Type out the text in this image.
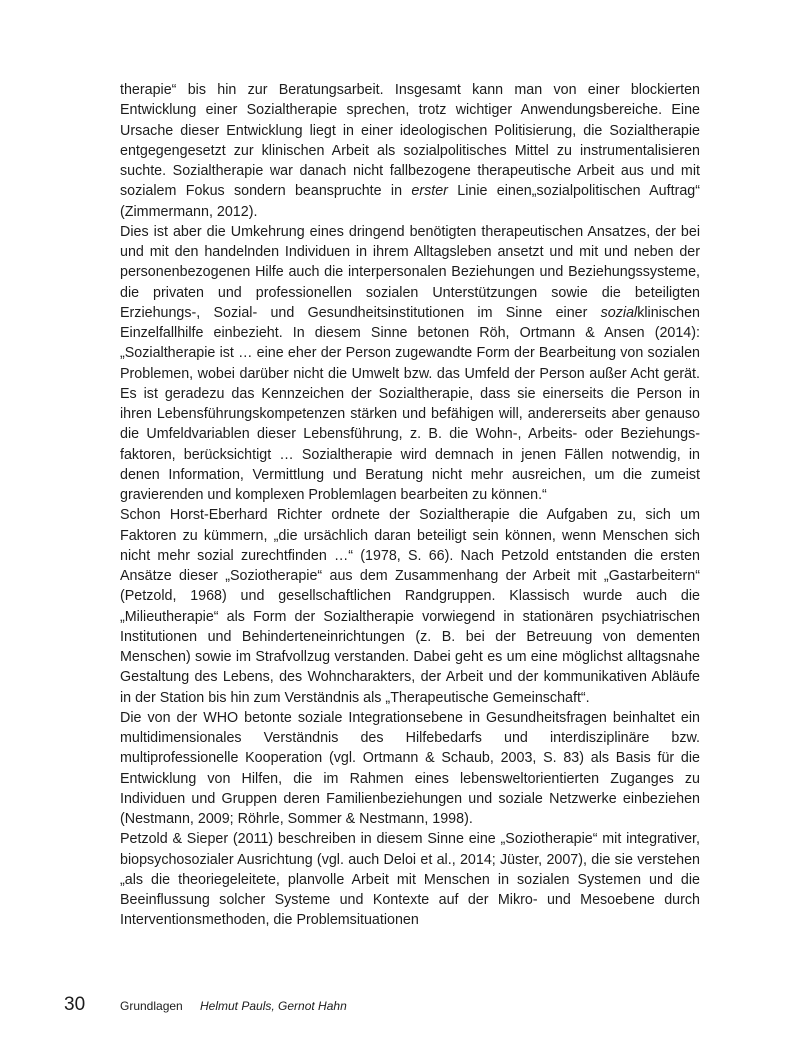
therapie“ bis hin zur Beratungsarbeit. Insgesamt kann man von einer blockierten Entwicklung einer Sozialtherapie sprechen, trotz wichtiger Anwendungsbereiche. Eine Ursache dieser Entwicklung liegt in einer ideologischen Politisierung, die Sozialtherapie entgegengesetzt zur klinischen Arbeit als sozialpolitisches Mittel zu instrumentalisieren suchte. Sozialtherapie war danach nicht fallbezogene therapeutische Arbeit aus und mit sozialem Fokus sondern beanspruchte in erster Linie einen„sozialpolitischen Auftrag“ (Zimmermann, 2012).

Dies ist aber die Umkehrung eines dringend benötigten therapeutischen Ansatzes, der bei und mit den handelnden Individuen in ihrem Alltagsleben ansetzt und mit und neben der personenbezogenen Hilfe auch die interpersonalen Beziehungen und Beziehungssysteme, die privaten und professionellen sozialen Unterstützungen sowie die beteiligten Erziehungs-, Sozial- und Gesundheitsinstitutionen im Sinne einer sozialklinischen Einzelfallhilfe einbezieht. In diesem Sinne betonen Röh, Ortmann & Ansen (2014): „Sozialtherapie ist … eine eher der Person zugewandte Form der Bearbeitung von sozialen Problemen, wobei darüber nicht die Umwelt bzw. das Umfeld der Person außer Acht gerät. Es ist geradezu das Kennzeichen der Sozialtherapie, dass sie einerseits die Person in ihren Lebensführungskompetenzen stärken und befähigen will, andererseits aber genauso die Umfeldvariablen dieser Lebensführung, z. B. die Wohn-, Arbeits- oder Beziehungsfaktoren, berücksichtigt … Sozialtherapie wird demnach in jenen Fällen notwendig, in denen Information, Vermittlung und Beratung nicht mehr ausreichen, um die zumeist gravierenden und komplexen Problemlagen bearbeiten zu können.“

Schon Horst-Eberhard Richter ordnete der Sozialtherapie die Aufgaben zu, sich um Faktoren zu kümmern, „die ursächlich daran beteiligt sein können, wenn Menschen sich nicht mehr sozial zurechtfinden …“ (1978, S. 66). Nach Petzold entstanden die ersten Ansätze dieser „Soziotherapie“ aus dem Zusammenhang der Arbeit mit „Gastarbeitern“ (Petzold, 1968) und gesellschaftlichen Randgruppen. Klassisch wurde auch die „Milieutherapie“ als Form der Sozialtherapie vorwiegend in stationären psychiatrischen Institutionen und Behinderteneinrichtungen (z. B. bei der Betreuung von dementen Menschen) sowie im Strafvollzug verstanden. Dabei geht es um eine möglichst alltagsnahe Gestaltung des Lebens, des Wohncharakters, der Arbeit und der kommunikativen Abläufe in der Station bis hin zum Verständnis als „Therapeutische Gemeinschaft“.

Die von der WHO betonte soziale Integrationsebene in Gesundheitsfragen beinhaltet ein multidimensionales Verständnis des Hilfebedarfs und interdisziplinäre bzw. multiprofessionelle Kooperation (vgl. Ortmann & Schaub, 2003, S. 83) als Basis für die Entwicklung von Hilfen, die im Rahmen eines lebensweltorientierten Zuganges zu Individuen und Gruppen deren Familienbeziehungen und soziale Netzwerke einbeziehen (Nestmann, 2009; Röhrle, Sommer & Nestmann, 1998).

Petzold & Sieper (2011) beschreiben in diesem Sinne eine „Soziotherapie“ mit integrativer, biopsychosozialer Ausrichtung (vgl. auch Deloi et al., 2014; Jüster, 2007), die sie verstehen „als die theoriegeleitete, planvolle Arbeit mit Menschen in sozialen Systemen und die Beeinflussung solcher Systeme und Kontexte auf der Mikro- und Mesoebene durch Interventionsmethoden, die Problemsituationen

30	Grundlagen Helmut Pauls, Gernot Hahn
